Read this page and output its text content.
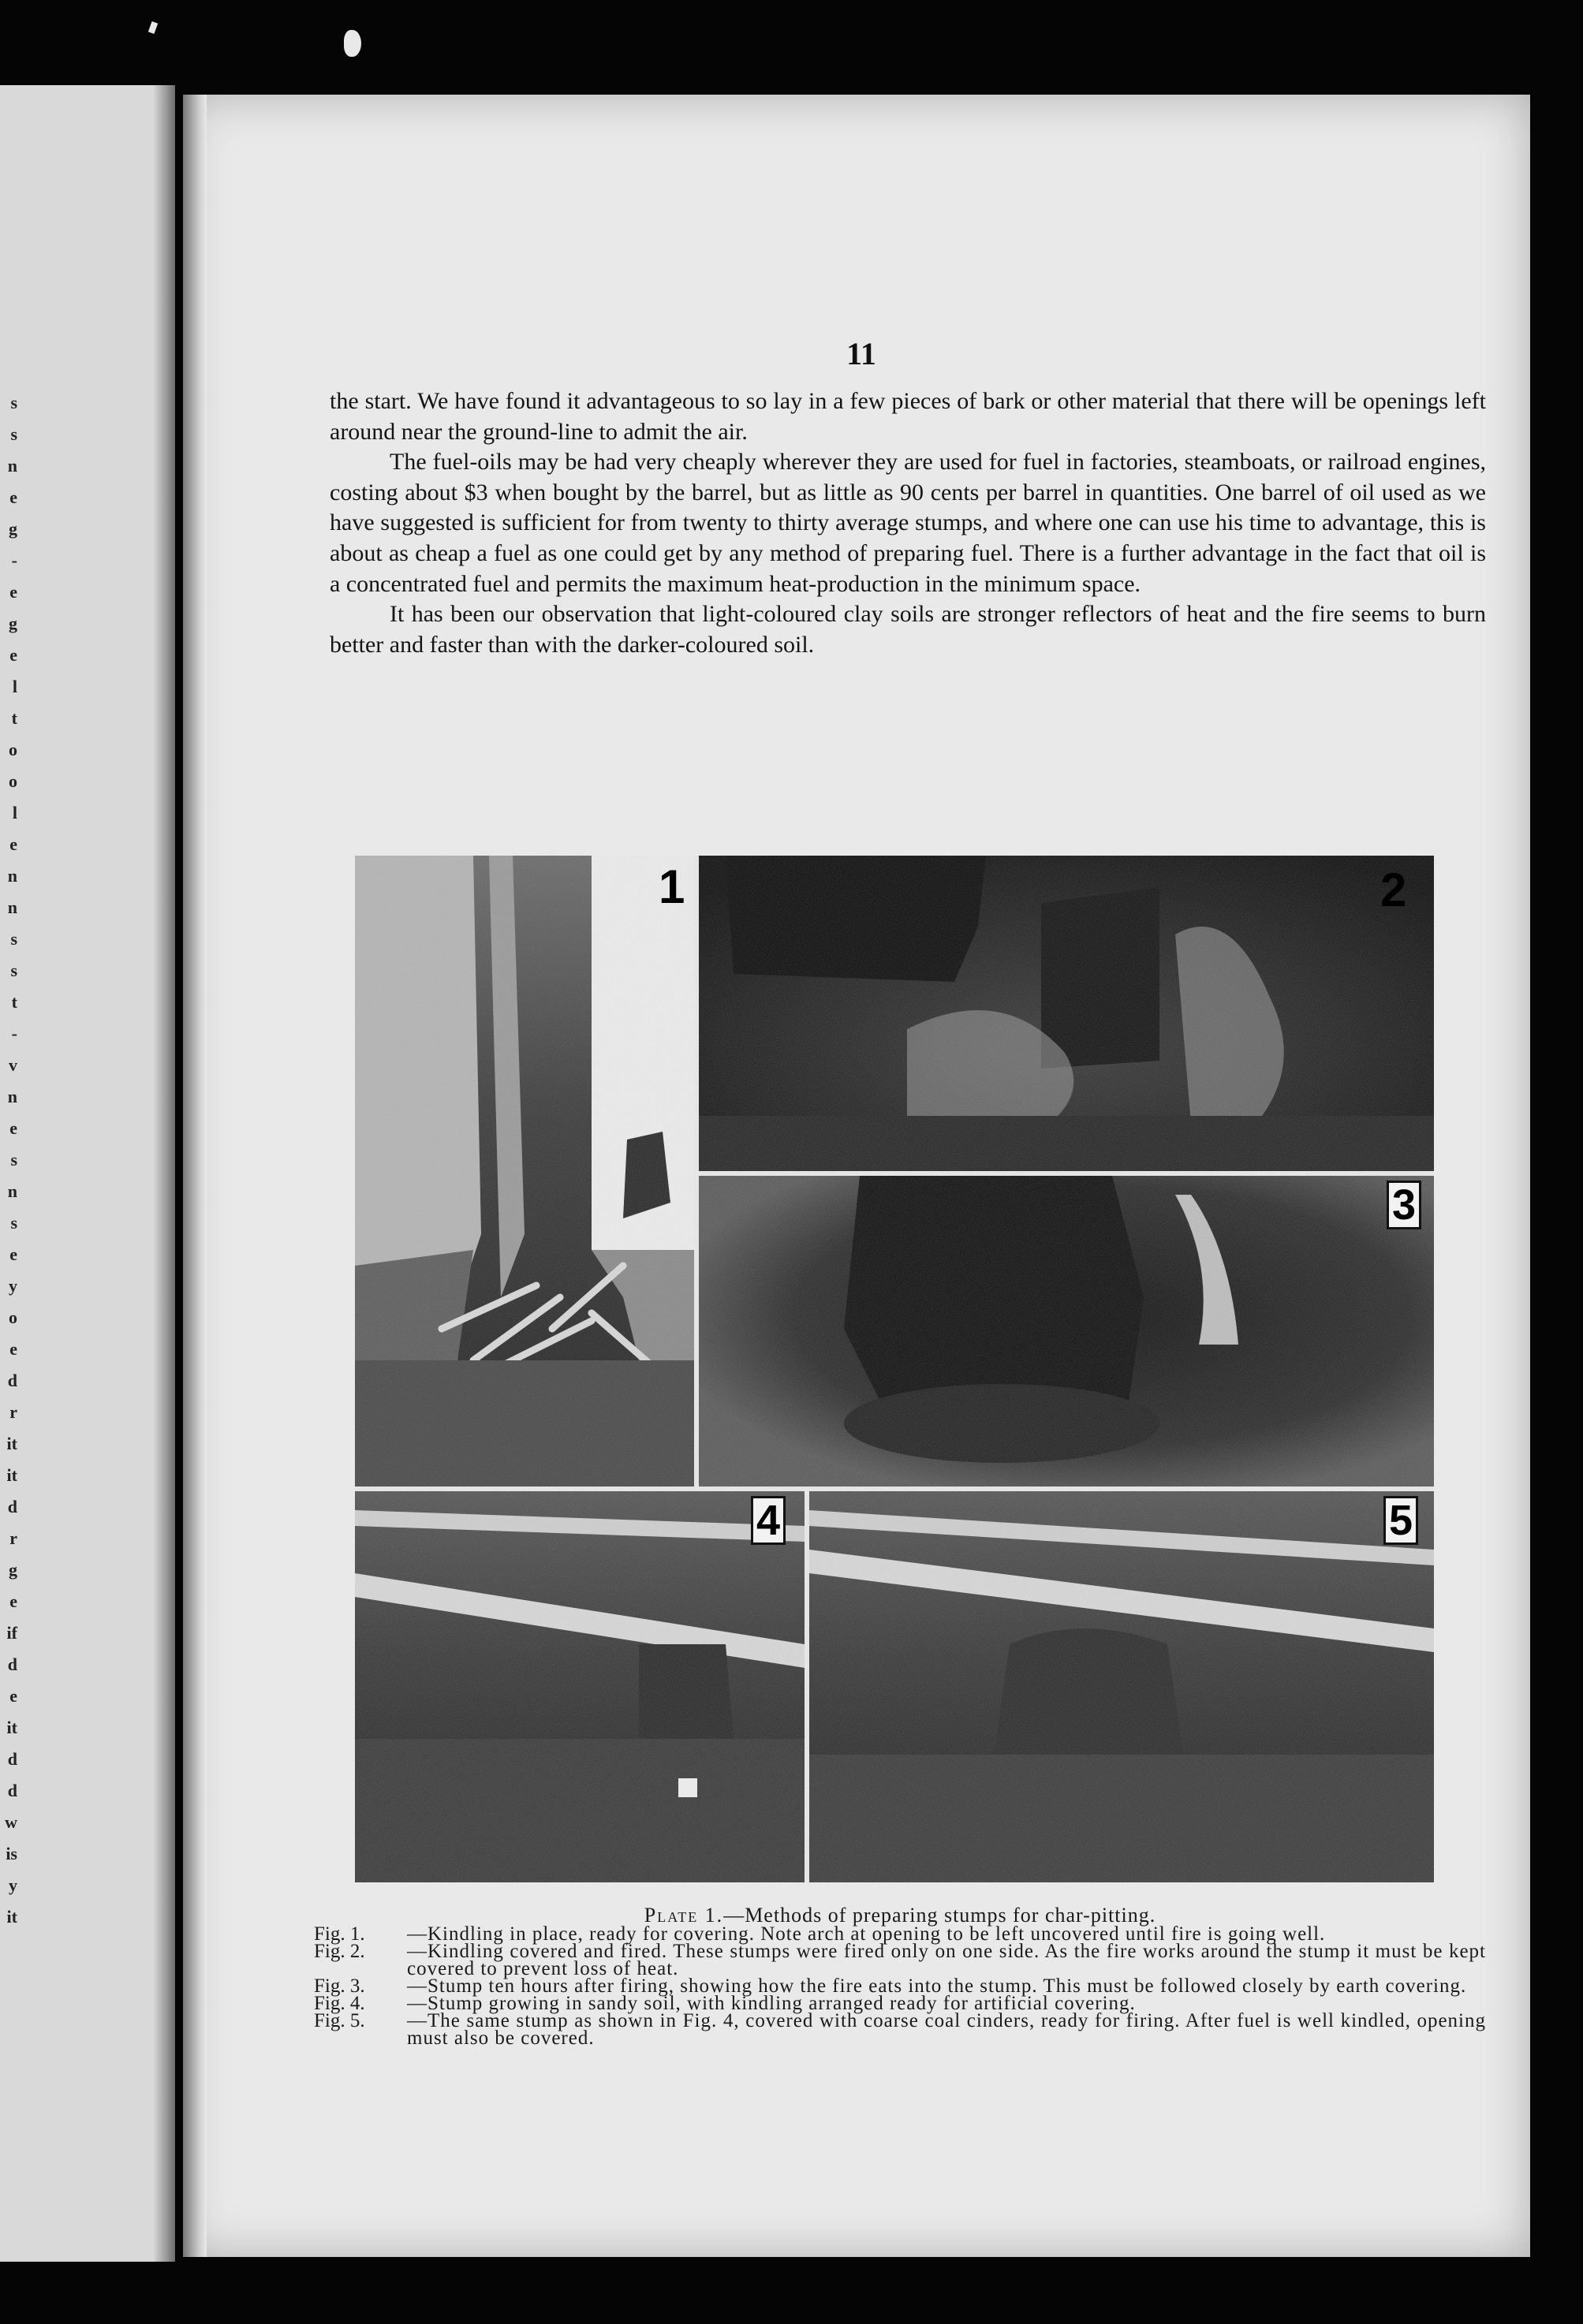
s
s
n
e
g
-
e
g
e
l
t
o
o
l
e
n
n
s
s
t
-
v
n
e
s
n
s
e
y
o
e
d
r
it
it
d
r
g
e
if
d
e
it
d
d
w
is
y
it
11

the start. We have found it advantageous to so lay in a few pieces of bark or other material that there will be openings left around near the ground-line to admit the air.

The fuel-oils may be had very cheaply wherever they are used for fuel in factories, steamboats, or railroad engines, costing about $3 when bought by the barrel, but as little as 90 cents per barrel in quantities. One barrel of oil used as we have suggested is sufficient for from twenty to thirty average stumps, and where one can use his time to advantage, this is about as cheap a fuel as one could get by any method of preparing fuel. There is a further advantage in the fact that oil is a concentrated fuel and permits the maximum heat-production in the minimum space.

It has been our observation that light-coloured clay soils are stronger reflectors of heat and the fire seems to burn better and faster than with the darker-coloured soil.

1	2
3
4	5
Plate 1.—Methods of preparing stumps for char-pitting.
Fig. 1.	—Kindling in place, ready for covering. Note arch at opening to be left uncovered until fire is going well.
Fig. 2.	—Kindling covered and fired. These stumps were fired only on one side. As the fire works around the stump it must be kept covered to prevent loss of heat.
Fig. 3.	—Stump ten hours after firing, showing how the fire eats into the stump. This must be followed closely by earth covering.
Fig. 4.	—Stump growing in sandy soil, with kindling arranged ready for artificial covering.
Fig. 5.	—The same stump as shown in Fig. 4, covered with coarse coal cinders, ready for firing. After fuel is well kindled, opening must also be covered.
